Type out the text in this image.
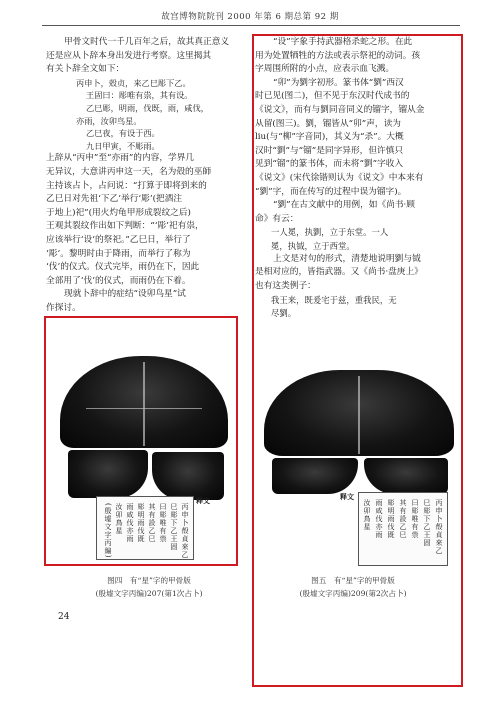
故宫博物院院刊 2000 年第 6 期总第 92 期

甲骨文时代一千几百年之后，故其真正意义

还是应从卜辞本身出发进行考察。这里揭其

有关卜辞全文如下：

丙申卜，殻贞，来乙巳彫下乙。

王固曰：彫唯有祟，其有设。

乙巳彫，明雨，伐既，雨，咸伐，

亦雨，汝卯鸟星。

乙巳夜，有设于西。

九日甲寅，不彫雨。

上辞从“丙申”至“亦雨”的内容，学界几

无异议，大意讲丙申这一天，名为殻的巫師

主持该占卜，占问说：“打算于即将到来的

乙巳日对先祖‘下乙’举行‘彫’(把酒注

于地上)祀”(用火灼龟甲形成裂纹之后)

王观其裂纹作出如下判断：“‘彫’祀有祟，

应该举行‘设’的祭祀。”乙巳日，举行了

‘彫’。黎明时由于降雨，而举行了称为

‘伐’的仪式。仪式完毕，雨仍在下，因此

全部用了‘伐’的仪式，而雨仍在下着。

现就卜辞中的症结“设卯鸟星”试

作探讨。

“设”字象手持武器格杀蛇之形。在此

用为处置牺牲的方法或表示祭祀的动词。孩

字周围所附的小点，应表示血飞溅。

“卯”为劉字初形。篆书体“劉”西汉

时已见(图二)，但不见于东汉时代成书的

《说文》，而有与劉同音同义的镏字，镏从金

从留(图三)。劉，镏皆从“卯”声，读为

liu(与“柳”字音同)，其义为“杀”。大概

汉时“劉”与“镏”是同字异形，但许慎只

见到“镏”的篆书体，而未将“劉”字收入

《说文》(宋代徐锴则认为《说文》中本来有

“劉”字，而在传写的过程中误为镏字)。

“劉”在古文献中的用例，如《尚书·顾

命》有云：

一人冕，执劉，立于东堂。一人

冕，执钺，立于西堂。

上文是对句的形式，清楚地说明劉与钺

是相对应的，皆指武器。又《尚书·盘庚上》

也有这类例子：

我王来，既爰宅于兹，重我民，无

尽劉。

丙申卜殻貞來乙
巳彫下乙王固
曰彫唯有祟
其有設乙巳
彫明雨伐既
雨咸伐亦雨
汝卯鳥星
(殷墟文字丙編)
释文	丙申卜殻貞來乙
巳彫下乙王固
曰彫唯有祟
其有設乙巳
彫明雨伐既
雨咸伐亦雨
汝卯鳥星
释文
图四　有“星”字的甲骨版
(殷墟文字丙编)207(第1次占卜)
图五　有“星”字的甲骨版
(殷墟文字丙编)209(第2次占卜)
24
